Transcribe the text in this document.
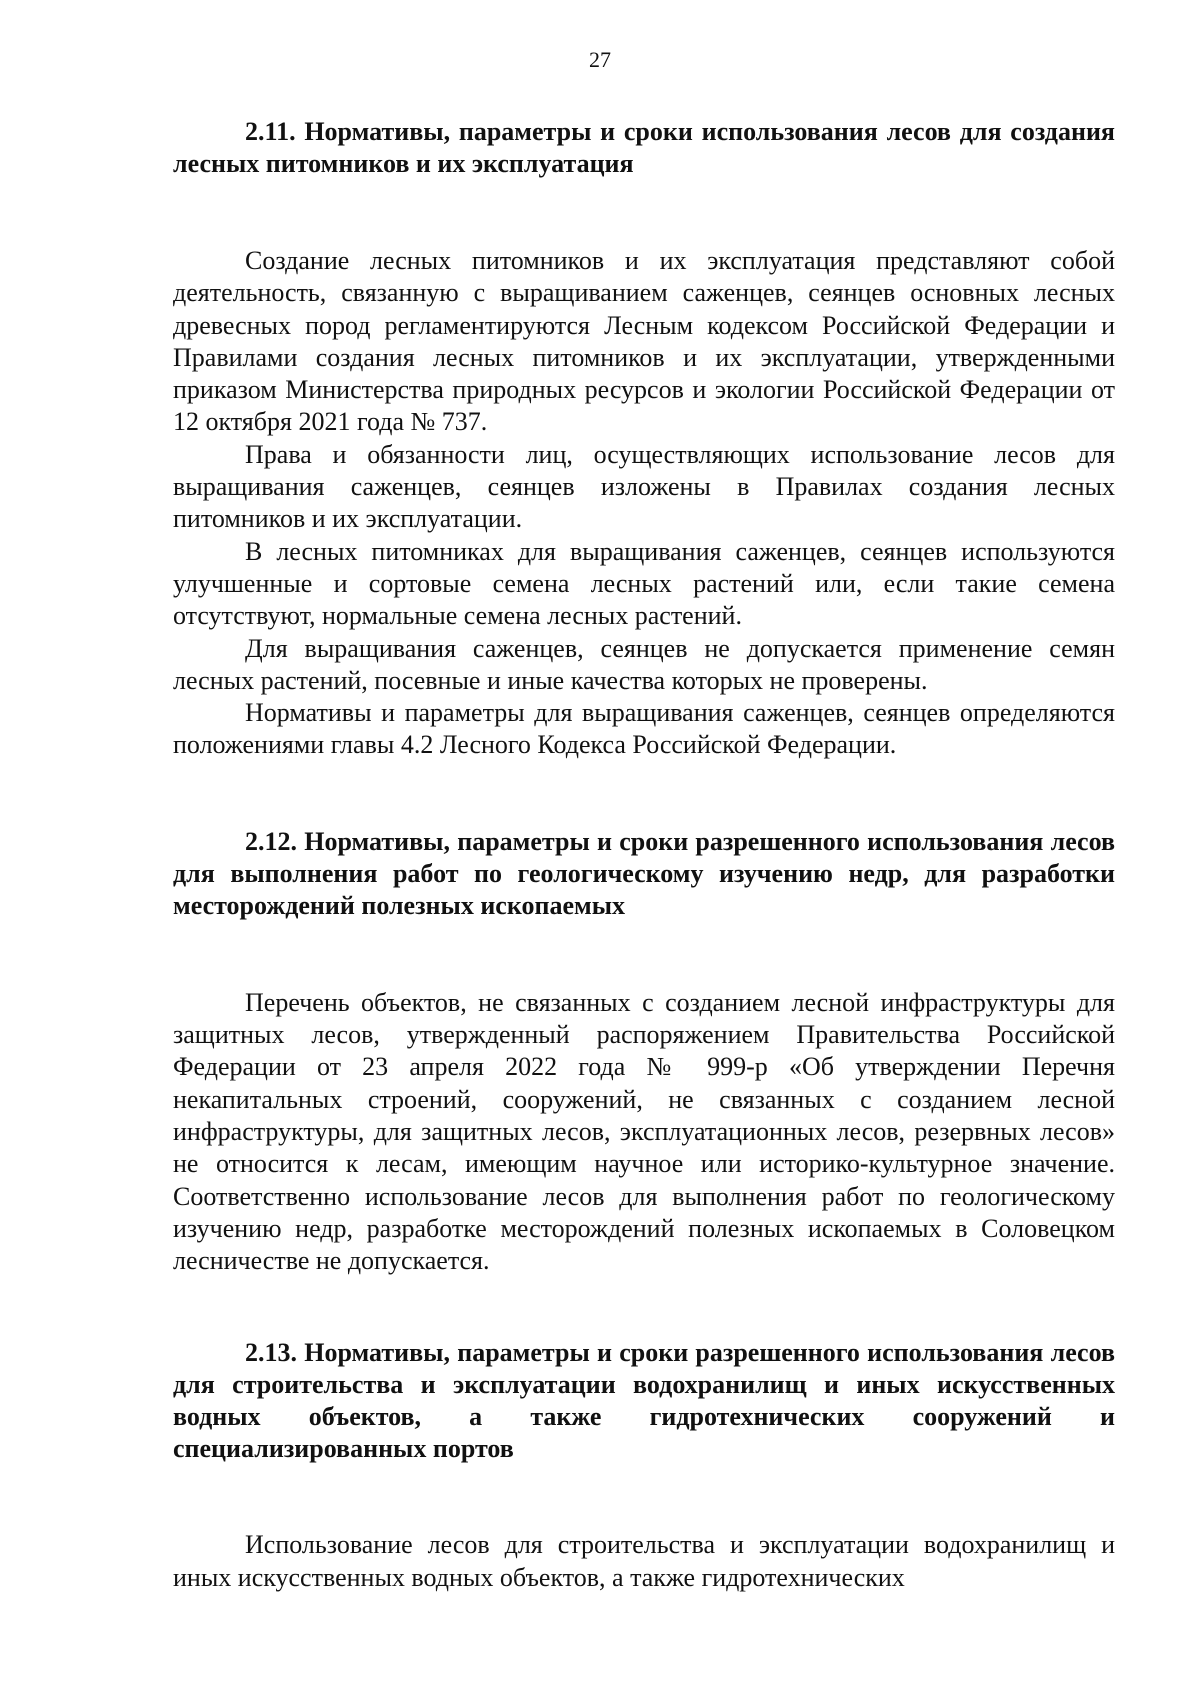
27

2.11. Нормативы, параметры и сроки использования лесов для создания лесных питомников и их эксплуатация

Создание лесных питомников и их эксплуатация представляют собой деятельность, связанную с выращиванием саженцев, сеянцев основных лесных древесных пород регламентируются Лесным кодексом Российской Федерации и Правилами создания лесных питомников и их эксплуатации, утвержденными приказом Министерства природных ресурсов и экологии Российской Федерации от 12 октября 2021 года № 737.

Права и обязанности лиц, осуществляющих использование лесов для выращивания саженцев, сеянцев изложены в Правилах создания лесных питомников и их эксплуатации.

В лесных питомниках для выращивания саженцев, сеянцев используются улучшенные и сортовые семена лесных растений или, если такие семена отсутствуют, нормальные семена лесных растений.

Для выращивания саженцев, сеянцев не допускается применение семян лесных растений, посевные и иные качества которых не проверены.

Нормативы и параметры для выращивания саженцев, сеянцев определяются положениями главы 4.2 Лесного Кодекса Российской Федерации.

2.12. Нормативы, параметры и сроки разрешенного использования лесов для выполнения работ по геологическому изучению недр, для разработки месторождений полезных ископаемых

Перечень объектов, не связанных с созданием лесной инфраструктуры для защитных лесов, утвержденный распоряжением Правительства Российской Федерации от 23 апреля 2022 года № 999-р «Об утверждении Перечня некапитальных строений, сооружений, не связанных с созданием лесной инфраструктуры, для защитных лесов, эксплуатационных лесов, резервных лесов» не относится к лесам, имеющим научное или историко-культурное значение. Соответственно использование лесов для выполнения работ по геологическому изучению недр, разработке месторождений полезных ископаемых в Соловецком лесничестве не допускается.

2.13. Нормативы, параметры и сроки разрешенного использования лесов для строительства и эксплуатации водохранилищ и иных искусственных водных объектов, а также гидротехнических сооружений и специализированных портов

Использование лесов для строительства и эксплуатации водохранилищ и иных искусственных водных объектов, а также гидротехнических
